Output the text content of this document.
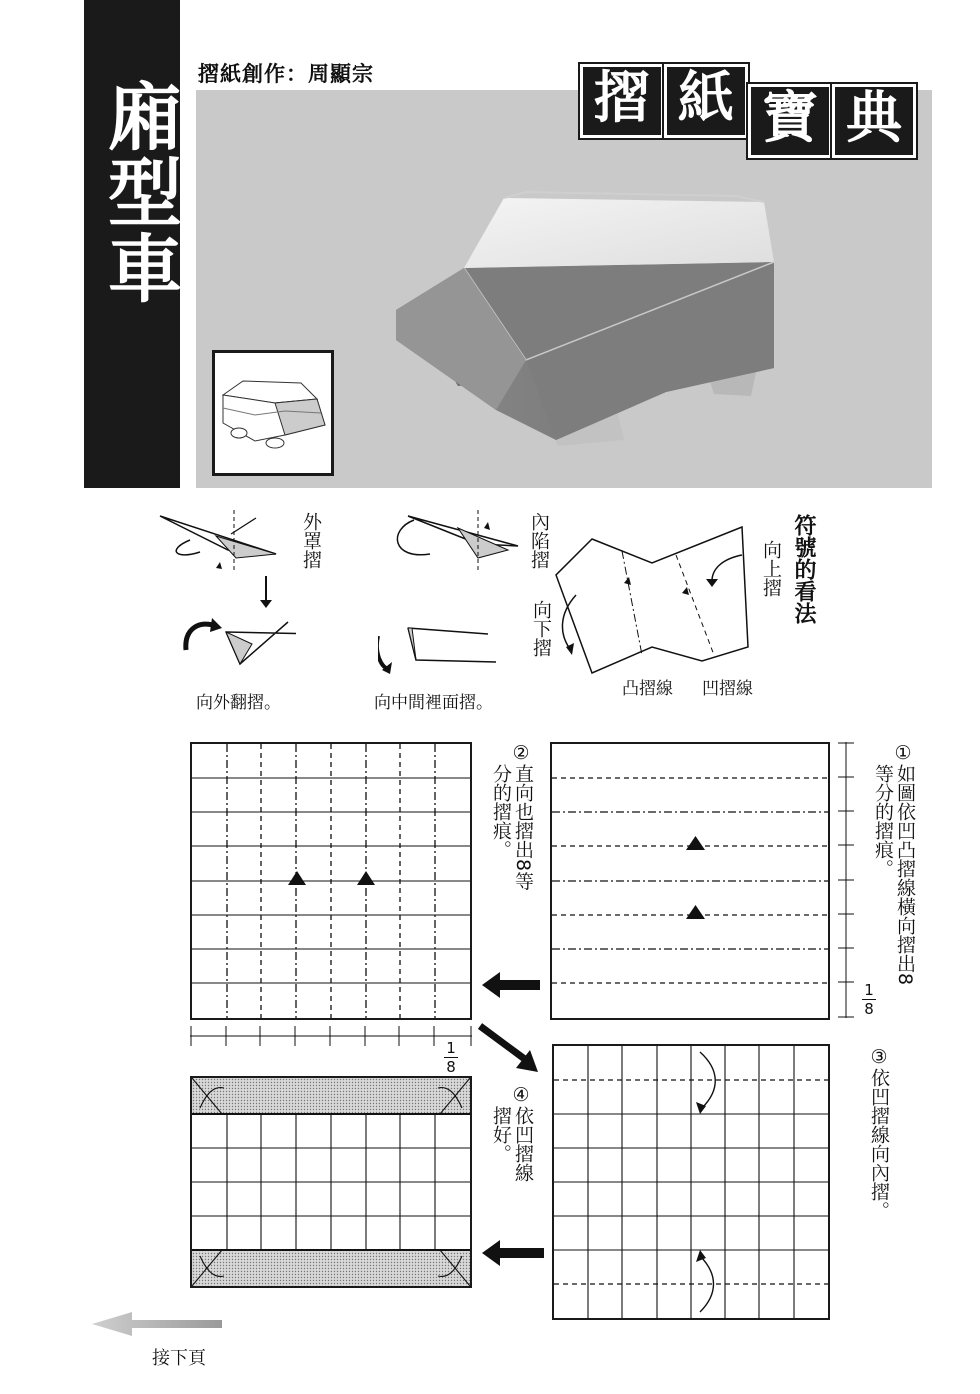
廂型車
摺紙創作：周顯宗	摺 紙 寶 典
外罩摺
向外翻摺。
內陷摺
向中間裡面摺。
向下摺
向上摺 符號的看法
凸摺線 凹摺線
1
8
①
如圖依凹凸摺線橫向摺出8等分的摺痕。
1
8
②
直向也摺出8等分的摺痕。
③
依凹摺線向內摺。
④
依凹摺線摺好。
接下頁
